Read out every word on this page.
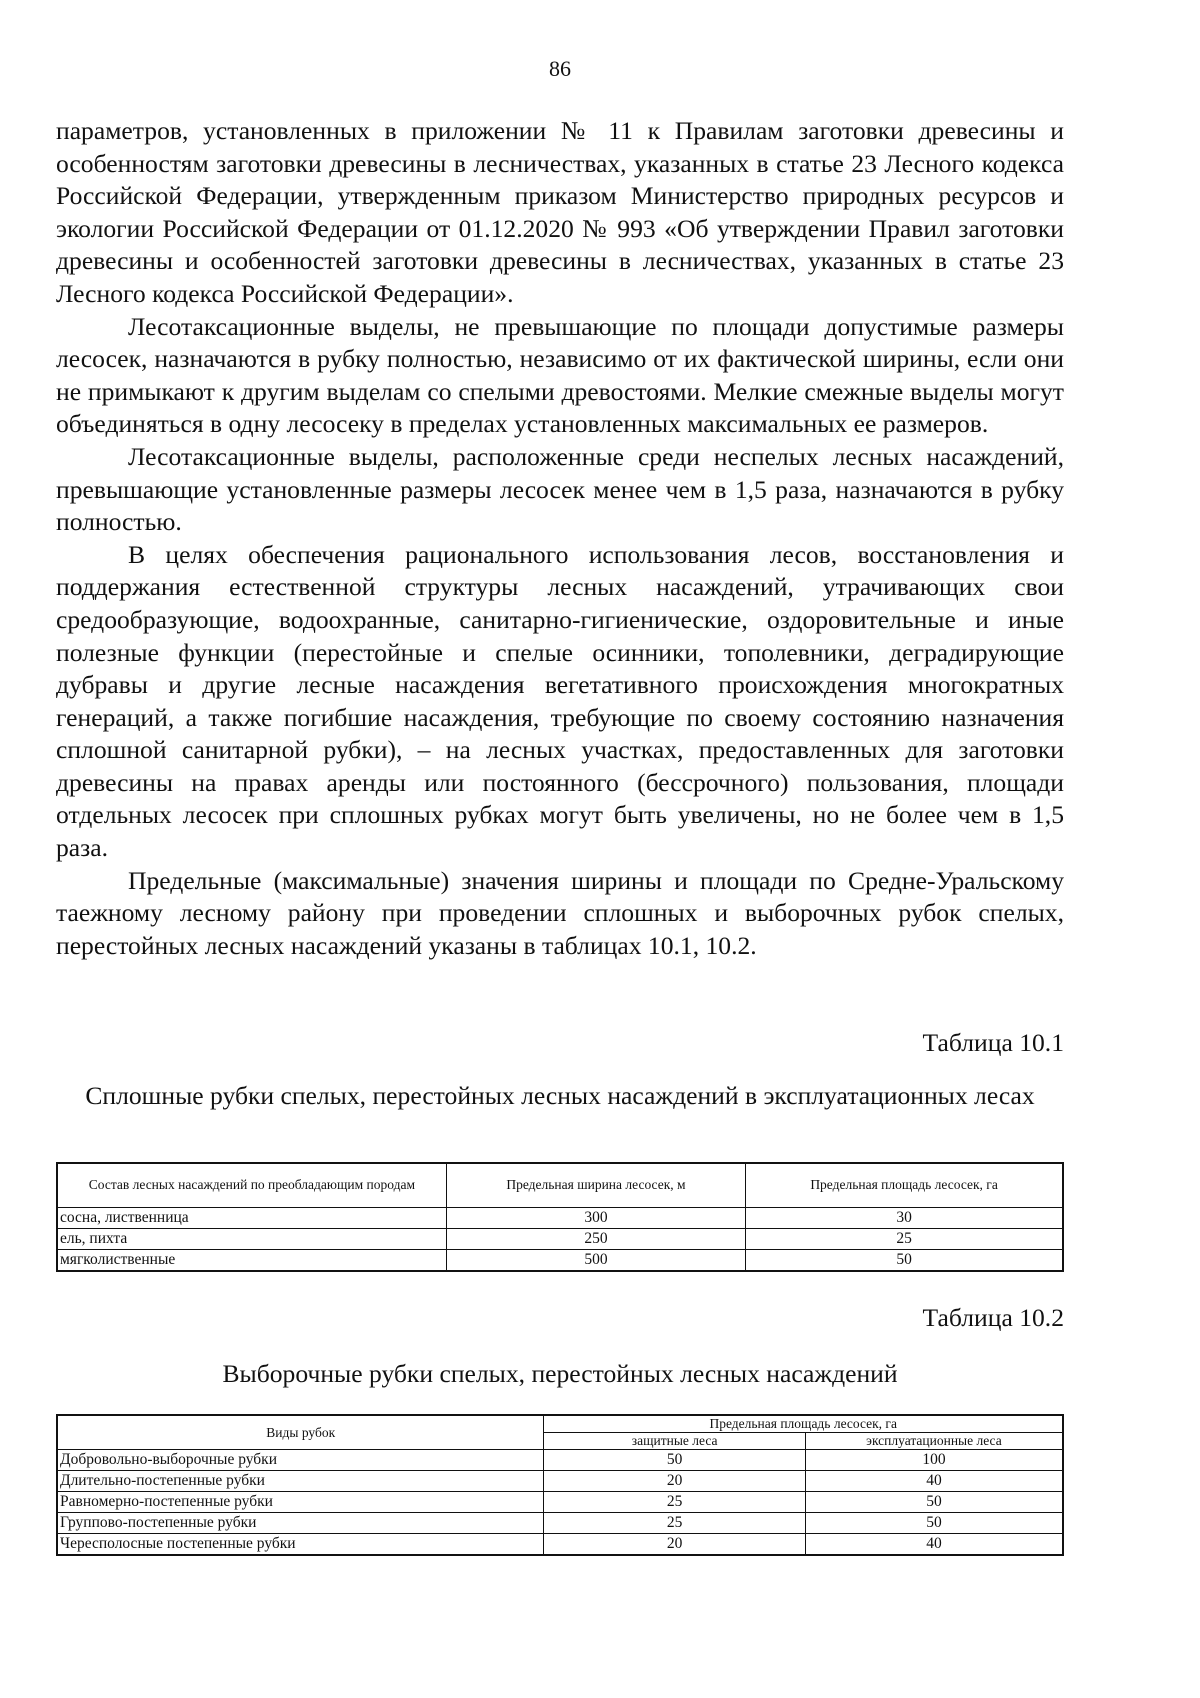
86

параметров, установленных в приложении № 11 к Правилам заготовки древесины и особенностям заготовки древесины в лесничествах, указанных в статье 23 Лесного кодекса Российской Федерации, утвержденным приказом Министерство природных ресурсов и экологии Российской Федерации от 01.12.2020 № 993 «Об утверждении Правил заготовки древесины и особенностей заготовки древесины в лесничествах, указанных в статье 23 Лесного кодекса Российской Федерации».

Лесотаксационные выделы, не превышающие по площади допустимые размеры лесосек, назначаются в рубку полностью, независимо от их фактической ширины, если они не примыкают к другим выделам со спелыми древостоями. Мелкие смежные выделы могут объединяться в одну лесосеку в пределах установленных максимальных ее размеров.

Лесотаксационные выделы, расположенные среди неспелых лесных насаждений, превышающие установленные размеры лесосек менее чем в 1,5 раза, назначаются в рубку полностью.

В целях обеспечения рационального использования лесов, восстановления и поддержания естественной структуры лесных насаждений, утрачивающих свои средообразующие, водоохранные, санитарно-гигиенические, оздоровительные и иные полезные функции (перестойные и спелые осинники, тополевники, деградирующие дубравы и другие лесные насаждения вегетативного происхождения многократных генераций, а также погибшие насаждения, требующие по своему состоянию назначения сплошной санитарной рубки), – на лесных участках, предоставленных для заготовки древесины на правах аренды или постоянного (бессрочного) пользования, площади отдельных лесосек при сплошных рубках могут быть увеличены, но не более чем в 1,5 раза.

Предельные (максимальные) значения ширины и площади по Средне-Уральскому таежному лесному району при проведении сплошных и выборочных рубок спелых, перестойных лесных насаждений указаны в таблицах 10.1, 10.2.

Таблица 10.1
Сплошные рубки спелых, перестойных лесных насаждений в эксплуатационных лесах
Состав лесных насаждений по преобладающим породам	Предельная ширина лесосек, м	Предельная площадь лесосек, га
сосна, лиственница	300	30
ель, пихта	250	25
мягколиственные	500	50
Таблица 10.2
Выборочные рубки спелых, перестойных лесных насаждений
Виды рубок	Предельная площадь лесосек, га	
	защитные леса	эксплуатационные леса
Добровольно-выборочные рубки	50	100
Длительно-постепенные рубки	20	40
Равномерно-постепенные рубки	25	50
Группово-постепенные рубки	25	50
Чересполосные постепенные рубки	20	40
